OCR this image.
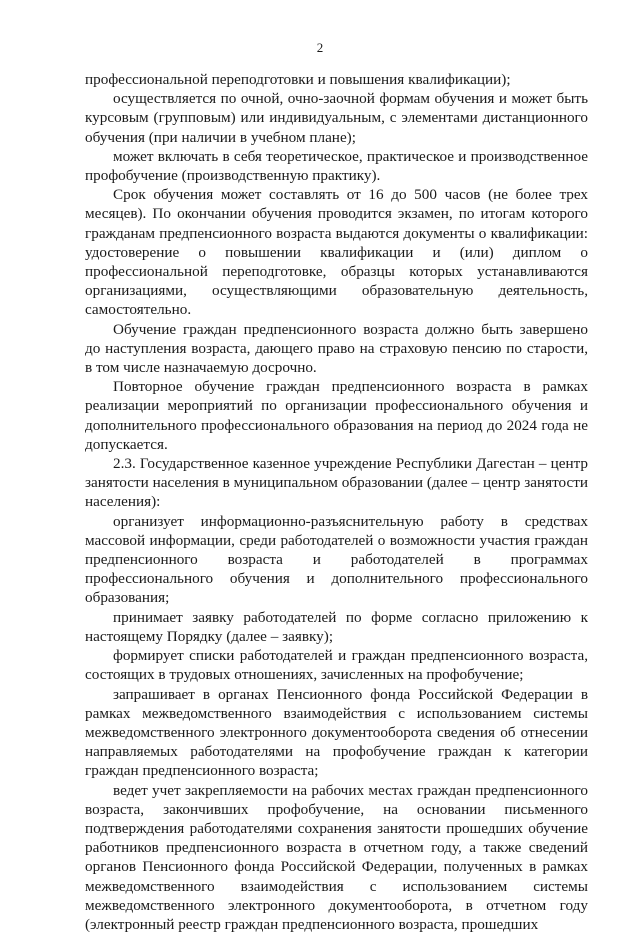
2

профессиональной переподготовки и повышения квалификации);

осуществляется по очной, очно-заочной формам обучения и может быть курсовым (групповым) или индивидуальным, с элементами дистанционного обучения (при наличии в учебном плане);

может включать в себя теоретическое, практическое и производственное профобучение (производственную практику).

Срок обучения может составлять от 16 до 500 часов (не более трех месяцев). По окончании обучения проводится экзамен, по итогам которого гражданам предпенсионного возраста выдаются документы о квалификации: удостоверение о повышении квалификации и (или) диплом о профессиональной переподготовке, образцы которых устанавливаются организациями, осуществляющими образовательную деятельность, самостоятельно.

Обучение граждан предпенсионного возраста должно быть завершено до наступления возраста, дающего право на страховую пенсию по старости, в том числе назначаемую досрочно.

Повторное обучение граждан предпенсионного возраста в рамках реализации мероприятий по организации профессионального обучения и дополнительного профессионального образования на период до 2024 года не допускается.

2.3. Государственное казенное учреждение Республики Дагестан – центр занятости населения в муниципальном образовании (далее – центр занятости населения):

организует информационно-разъяснительную работу в средствах массовой информации, среди работодателей о возможности участия граждан предпенсионного возраста и работодателей в программах профессионального обучения и дополнительного профессионального образования;

принимает заявку работодателей по форме согласно приложению к настоящему Порядку (далее – заявку);

формирует списки работодателей и граждан предпенсионного возраста, состоящих в трудовых отношениях, зачисленных на профобучение;

запрашивает в органах Пенсионного фонда Российской Федерации в рамках межведомственного взаимодействия с использованием системы межведомственного электронного документооборота сведения об отнесении направляемых работодателями на профобучение граждан к категории граждан предпенсионного возраста;

ведет учет закрепляемости на рабочих местах граждан предпенсионного возраста, закончивших профобучение, на основании письменного подтверждения работодателями сохранения занятости прошедших обучение работников предпенсионного возраста в отчетном году, а также сведений органов Пенсионного фонда Российской Федерации, полученных в рамках межведомственного взаимодействия с использованием системы межведомственного электронного документооборота, в отчетном году (электронный реестр граждан предпенсионного возраста, прошедших
